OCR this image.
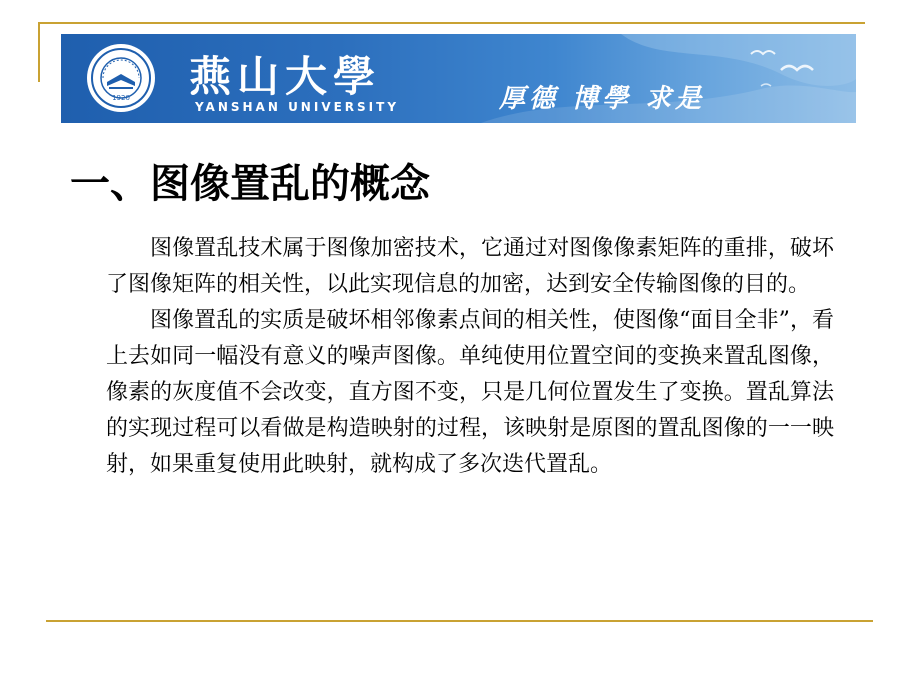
1920 燕山大學
YANSHAN UNIVERSITY	厚德 博學 求是
一、图像置乱的概念

图像置乱技术属于图像加密技术，它通过对图像像素矩阵的重排，破坏了图像矩阵的相关性，以此实现信息的加密，达到安全传输图像的目的。

图像置乱的实质是破坏相邻像素点间的相关性，使图像“面目全非”，看上去如同一幅没有意义的噪声图像。单纯使用位置空间的变换来置乱图像，像素的灰度值不会改变，直方图不变，只是几何位置发生了变换。置乱算法的实现过程可以看做是构造映射的过程，该映射是原图的置乱图像的一一映射，如果重复使用此映射，就构成了多次迭代置乱。
